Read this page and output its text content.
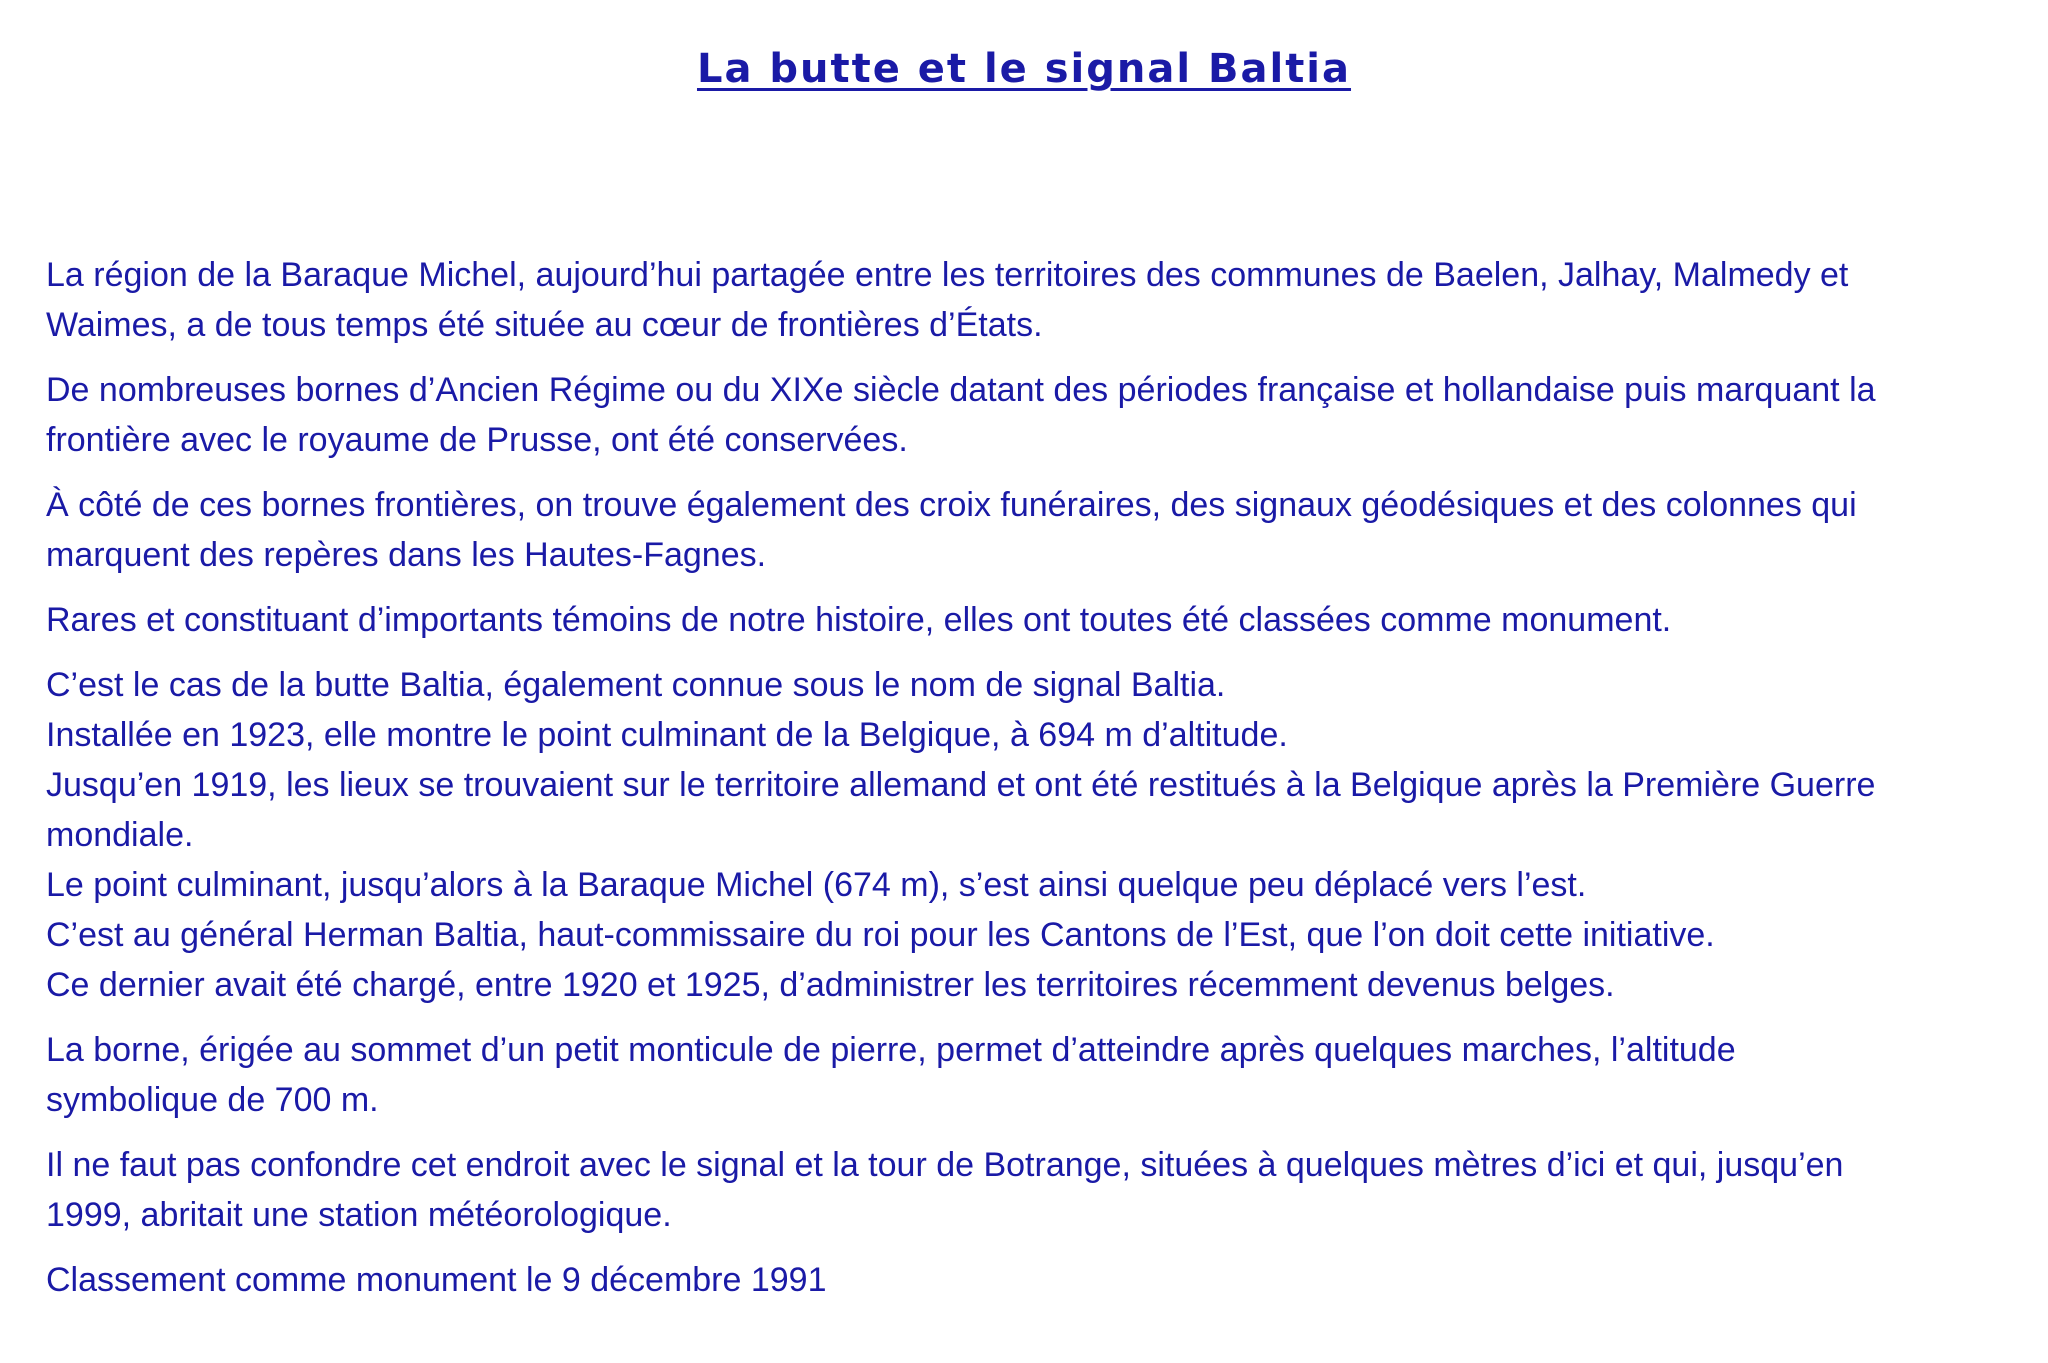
La butte et le signal Baltia

La région de la Baraque Michel, aujourd’hui partagée entre les territoires des communes de Baelen, Jalhay, Malmedy et
Waimes, a de tous temps été située au cœur de frontières d’États.

De nombreuses bornes d’Ancien Régime ou du XIXe siècle datant des périodes française et hollandaise puis marquant la
frontière avec le royaume de Prusse, ont été conservées.

À côté de ces bornes frontières, on trouve également des croix funéraires, des signaux géodésiques et des colonnes qui
marquent des repères dans les Hautes-Fagnes.

Rares et constituant d’importants témoins de notre histoire, elles ont toutes été classées comme monument.

C’est le cas de la butte Baltia, également connue sous le nom de signal Baltia.
Installée en 1923, elle montre le point culminant de la Belgique, à 694 m d’altitude.
Jusqu’en 1919, les lieux se trouvaient sur le territoire allemand et ont été restitués à la Belgique après la Première Guerre
mondiale.
Le point culminant, jusqu’alors à la Baraque Michel (674 m), s’est ainsi quelque peu déplacé vers l’est.
C’est au général Herman Baltia, haut-commissaire du roi pour les Cantons de l’Est, que l’on doit cette initiative.
Ce dernier avait été chargé, entre 1920 et 1925, d’administrer les territoires récemment devenus belges.

La borne, érigée au sommet d’un petit monticule de pierre, permet d’atteindre après quelques marches, l’altitude
symbolique de 700 m.

Il ne faut pas confondre cet endroit avec le signal et la tour de Botrange, situées à quelques mètres d’ici et qui, jusqu’en
1999, abritait une station météorologique.

Classement comme monument le 9 décembre 1991
